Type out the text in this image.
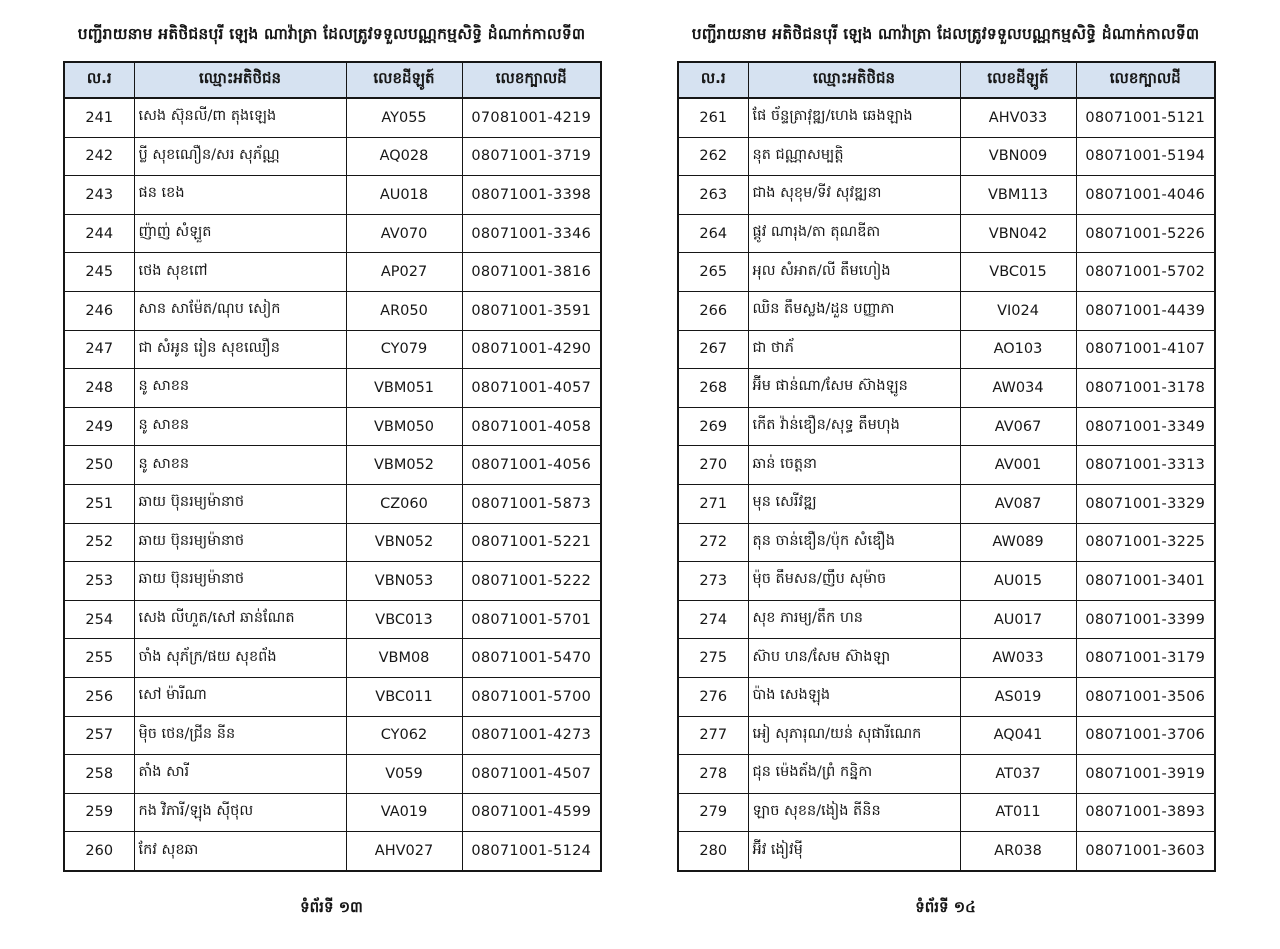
បញ្ជីរាយនាម អតិថិជនបុរី ឡេង ណាវ៉ាត្រា ដែលត្រូវទទួលបណ្ណកម្មសិទ្ធិ ដំណាក់កាលទី៣
ល.រ	ឈ្មោះអតិថិជន	លេខដីឡូត៍	លេខក្បាលដី
241	សេង ស៊ុនលី/ពា តុងឡេង	AY055	07081001-4219
242	ប្លី សុខណឿន/សរ សុភ័ណ្ណ	AQ028	08071001-3719
243	ផន ខេង	AU018	08071001-3398
244	ញ៉ាញ់ សំឡួត	AV070	08071001-3346
245	ថេង សុខពៅ	AP027	08071001-3816
246	សាន សាម៉ែត/ណុប សៀក	AR050	08071001-3591
247	ជា សំអូន រៀន សុខឈឿន	CY079	08071001-4290
248	នូ សាខន	VBM051	08071001-4057
249	នូ សាខន	VBM050	08071001-4058
250	នូ សាខន	VBM052	08071001-4056
251	ឆាយ ប៊ុនរម្យម៉ានាថ	CZ060	08071001-5873
252	ឆាយ ប៊ុនរម្យម៉ានាថ	VBN052	08071001-5221
253	ឆាយ ប៊ុនរម្យម៉ានាថ	VBN053	08071001-5222
254	សេង លីហួត/សៅ ឆាន់ណែត	VBC013	08071001-5701
255	ចាំង សុភ័ក្រ/ផយ សុខព័ង	VBM08	08071001-5470
256	សៅ ម៉ារីណា	VBC011	08071001-5700
257	មុិច ថេន/ជ្រីន នីន	CY062	08071001-4273
258	តាំង សារី	V059	08071001-4507
259	កង វិភារី/ឡុង ស៊ីថុល	VA019	08071001-4599
260	កែវ សុខឆា	AHV027	08071001-5124
ទំព័រទី ១៣
បញ្ជីរាយនាម អតិថិជនបុរី ឡេង ណាវ៉ាត្រា ដែលត្រូវទទួលបណ្ណកម្មសិទ្ធិ ដំណាក់កាលទី៣
ល.រ	ឈ្មោះអតិថិជន	លេខដីឡូត៍	លេខក្បាលដី
261	ផែ ច័ន្ទត្រាវុឌ្ឍ/ហេង ឆេងឡាង	AHV033	08071001-5121
262	នុត ជណ្ណាសម្បត្តិ	VBN009	08071001-5194
263	ជាង សុខុម/ទីវ សុវឌ្ឍនា	VBM113	08071001-4046
264	ផ្ដូវ ណារុង/តា តុណឌីតា	VBN042	08071001-5226
265	អុល សំអាត/លី តឹមហៀង	VBC015	08071001-5702
266	ឈិន តឹមស្លង/ដួន បញ្ញាភា	VI024	08071001-4439
267	ជា ថាភ័	AO103	08071001-4107
268	អ៊ីម ផាន់ណា/សែម ស៊ាងឡូន	AW034	08071001-3178
269	កើត វ៉ាន់ឌឿន/សុទ្ធ តឹមហុង	AV067	08071001-3349
270	ឆាន់ ចេត្តនា	AV001	08071001-3313
271	មុន សេរីវឌ្ឍ	AV087	08071001-3329
272	តុន ចាន់ឌឿន/ប៉ុក សំឌឿង	AW089	08071001-3225
273	ម៉ុច តឹមសន/ញឹប សុម៉ាច	AU015	08071001-3401
274	សុខ ភារម្យ/តឹក ហន	AU017	08071001-3399
275	ស៊ាប ហន/សែម ស៊ាងឡា	AW033	08071001-3179
276	ប៉ាង សេងឡុង	AS019	08071001-3506
277	អៀ សុភារុណ/យន់ សុផារីណេក	AQ041	08071001-3706
278	ជុន ម៉េងត័ង/ព្រំ កន្និកា	AT037	08071001-3919
279	ឡាច សុខន/ងៀង តីនិន	AT011	08071001-3893
280	អ៊ីវ ងៀវម៉ី	AR038	08071001-3603
ទំព័រទី ១៤
